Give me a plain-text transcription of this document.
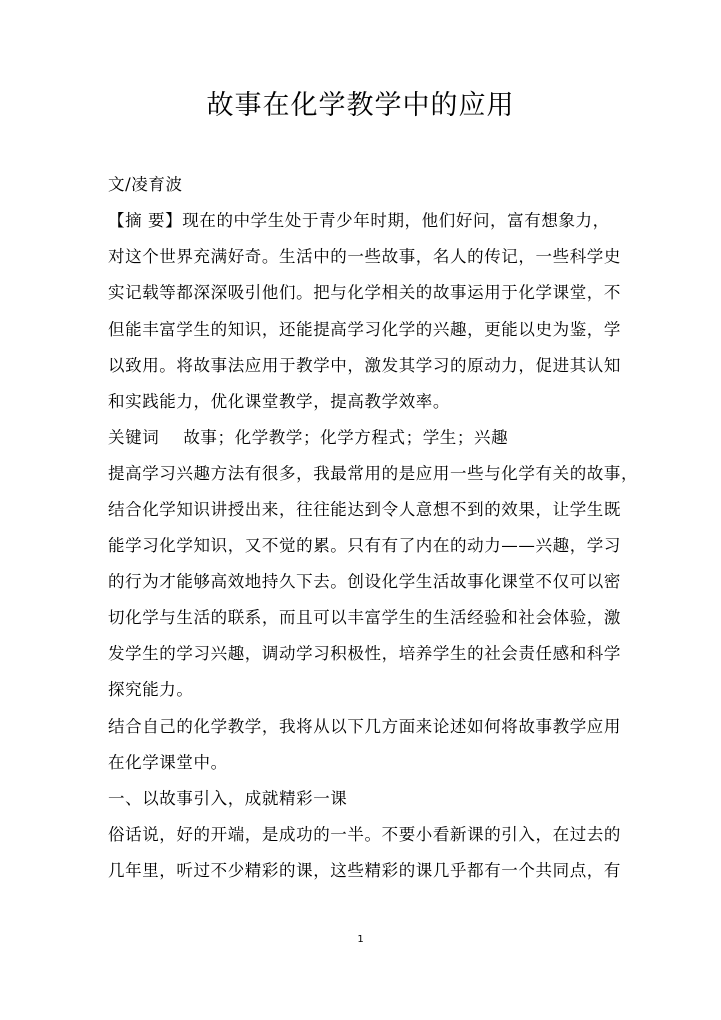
故事在化学教学中的应用

文/凌育波

【摘 要】现在的中学生处于青少年时期，他们好问，富有想象力，

对这个世界充满好奇。生活中的一些故事，名人的传记，一些科学史

实记载等都深深吸引他们。把与化学相关的故事运用于化学课堂，不

但能丰富学生的知识，还能提高学习化学的兴趣，更能以史为鉴，学

以致用。将故事法应用于教学中，激发其学习的原动力，促进其认知

和实践能力，优化课堂教学，提高教学效率。

关键词 故事；化学教学；化学方程式；学生；兴趣

提高学习兴趣方法有很多，我最常用的是应用一些与化学有关的故事，

结合化学知识讲授出来，往往能达到令人意想不到的效果，让学生既

能学习化学知识，又不觉的累。只有有了内在的动力——兴趣，学习

的行为才能够高效地持久下去。创设化学生活故事化课堂不仅可以密

切化学与生活的联系，而且可以丰富学生的生活经验和社会体验，激

发学生的学习兴趣，调动学习积极性，培养学生的社会责任感和科学

探究能力。

结合自己的化学教学，我将从以下几方面来论述如何将故事教学应用

在化学课堂中。

一、以故事引入，成就精彩一课

俗话说，好的开端，是成功的一半。不要小看新课的引入，在过去的

几年里，听过不少精彩的课，这些精彩的课几乎都有一个共同点，有

1
